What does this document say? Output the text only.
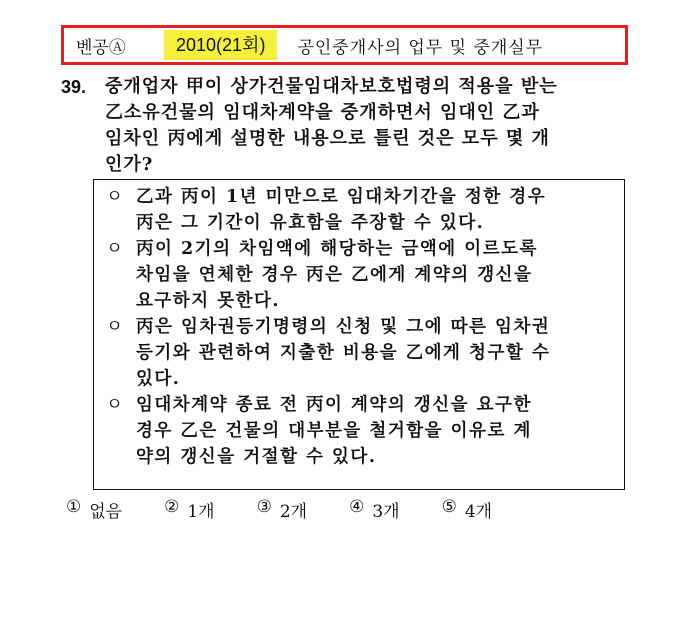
벤공Ⓐ	2010(21회)	공인중개사의 업무 및 중개실무
39.	중개업자 甲이 상가건물임대차보호법령의 적용을 받는
乙소유건물의 임대차계약을 중개하면서 임대인 乙과
임차인 丙에게 설명한 내용으로 틀린 것은 모두 몇 개
인가?
ㅇ 乙과 丙이 1년 미만으로 임대차기간을 정한 경우
丙은 그 기간이 유효함을 주장할 수 있다.
ㅇ 丙이 2기의 차임액에 해당하는 금액에 이르도록
차임을 연체한 경우 丙은 乙에게 계약의 갱신을
요구하지 못한다.
ㅇ 丙은 임차권등기명령의 신청 및 그에 따른 임차권
등기와 관련하여 지출한 비용을 乙에게 청구할 수
있다.
ㅇ 임대차계약 종료 전 丙이 계약의 갱신을 요구한
경우 乙은 건물의 대부분을 철거함을 이유로 계
약의 갱신을 거절할 수 있다.
① 없음 ② 1개 ③ 2개 ④ 3개 ⑤ 4개
